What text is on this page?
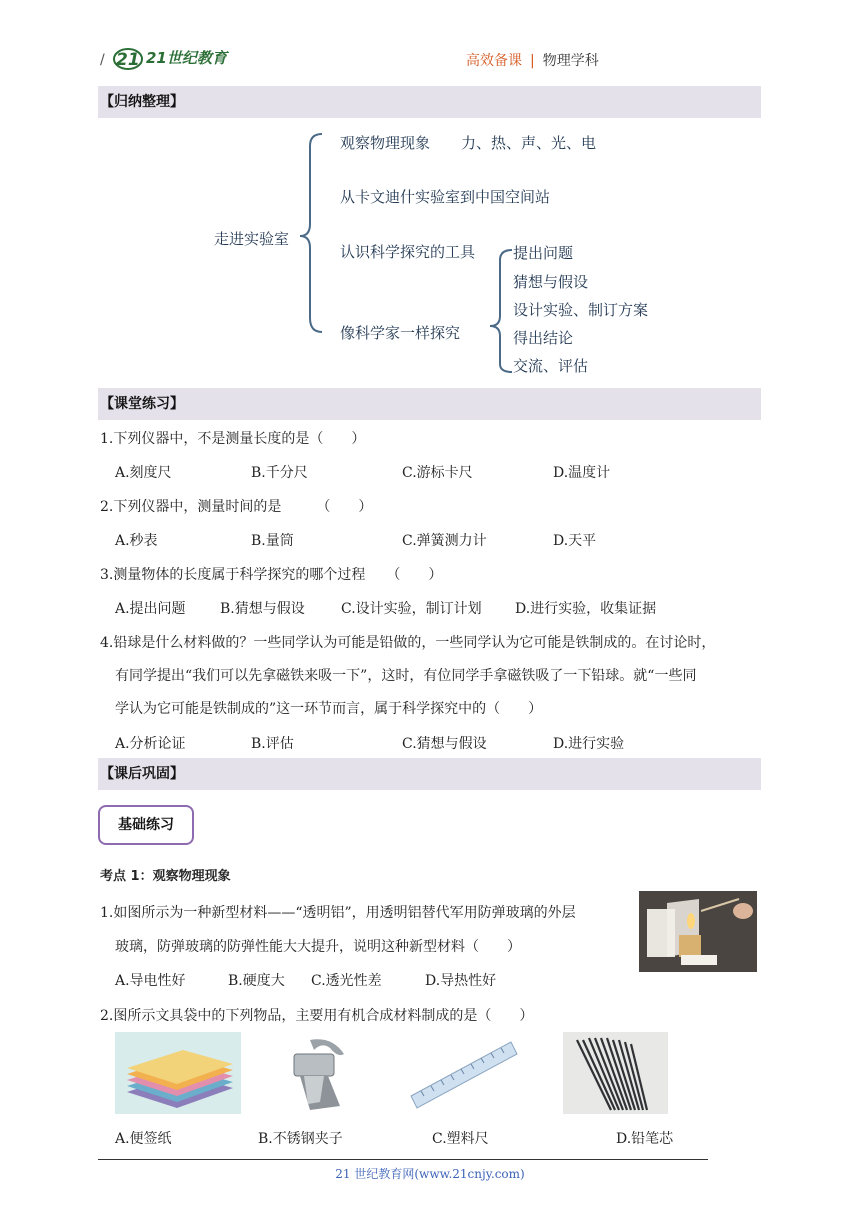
/ 21 21世纪教育	高效备课 | 物理学科
【归纳整理】
走进实验室
观察物理现象 力、热、声、光、电
从卡文迪什实验室到中国空间站
认识科学探究的工具
像科学家一样探究
提出问题
猜想与假设
设计实验、制订方案
得出结论
交流、评估
【课堂练习】
1.下列仪器中，不是测量长度的是（　　）
A.刻度尺	B.千分尺	C.游标卡尺	D.温度计
2.下列仪器中，测量时间的是　　　（　　）
A.秒表	B.量筒	C.弹簧测力计	D.天平
3.测量物体的长度属于科学探究的哪个过程　　（　　）
A.提出问题 B.猜想与假设	C.设计实验，制订计划 D.进行实验，收集证据
4.铅球是什么材料做的？一些同学认为可能是铅做的，一些同学认为它可能是铁制成的。在讨论时，
有同学提出“我们可以先拿磁铁来吸一下”，这时，有位同学手拿磁铁吸了一下铅球。就“一些同
学认为它可能是铁制成的”这一环节而言，属于科学探究中的（　　）
A.分析论证	B.评估	C.猜想与假设	D.进行实验
【课后巩固】
基础练习
考点 1：观察物理现象
1.如图所示为一种新型材料——“透明铝”，用透明铝替代军用防弹玻璃的外层
玻璃，防弹玻璃的防弹性能大大提升，说明这种新型材料（　　）
A.导电性好	B.硬度大 C.透光性差	D.导热性好
2.图所示文具袋中的下列物品，主要用有机合成材料制成的是（　　）
A.便签纸	B.不锈钢夹子	C.塑料尺	D.铅笔芯
21 世纪教育网(www.21cnjy.com)
